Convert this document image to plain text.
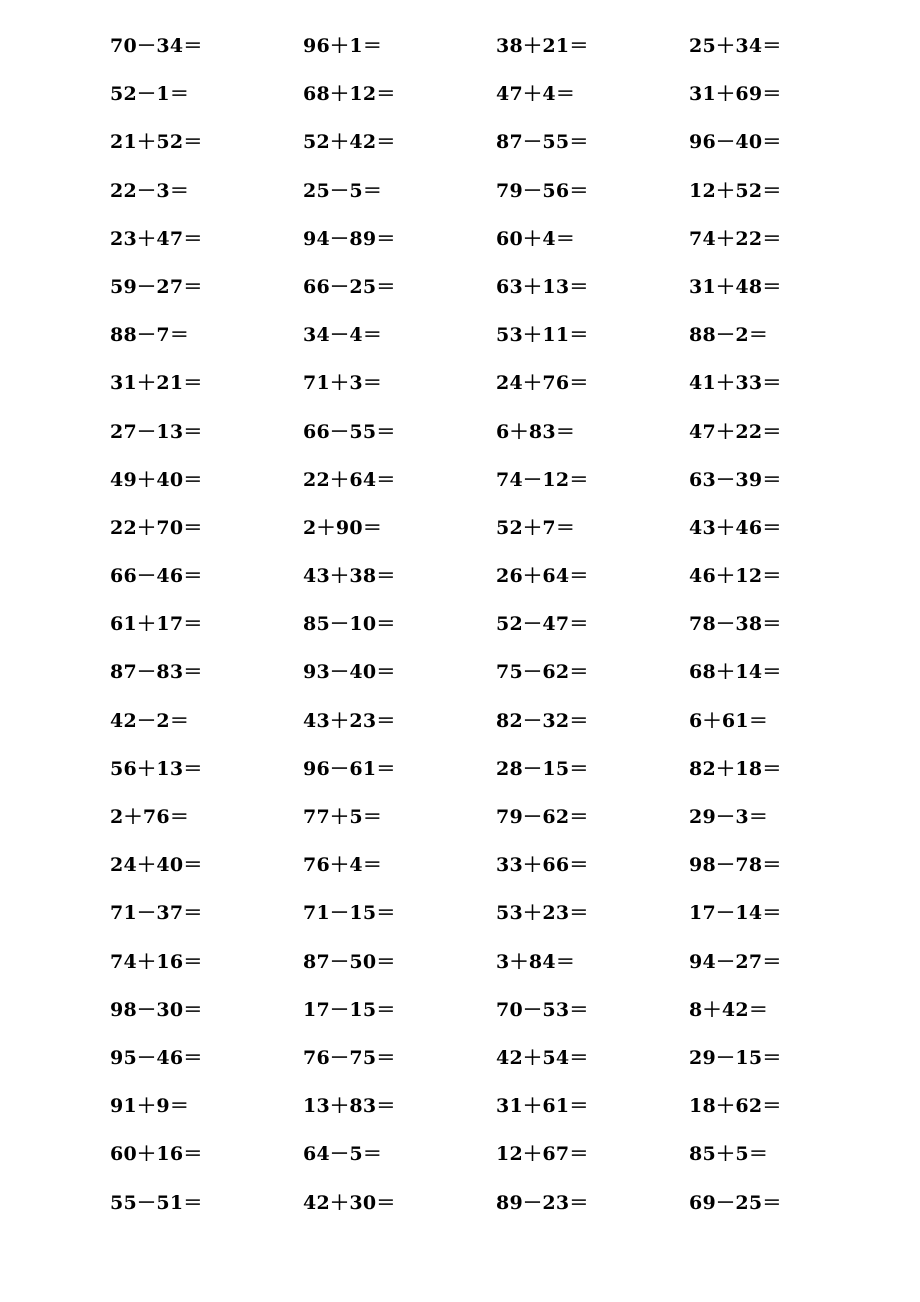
70－34＝	96＋1＝	38＋21＝	25＋34＝
52－1＝	68＋12＝	47＋4＝	31＋69＝
21＋52＝	52＋42＝	87－55＝	96－40＝
22－3＝	25－5＝	79－56＝	12＋52＝
23＋47＝	94－89＝	60＋4＝	74＋22＝
59－27＝	66－25＝	63＋13＝	31＋48＝
88－7＝	34－4＝	53＋11＝	88－2＝
31＋21＝	71＋3＝	24＋76＝	41＋33＝
27－13＝	66－55＝	6＋83＝	47＋22＝
49＋40＝	22＋64＝	74－12＝	63－39＝
22＋70＝	2＋90＝	52＋7＝	43＋46＝
66－46＝	43＋38＝	26＋64＝	46＋12＝
61＋17＝	85－10＝	52－47＝	78－38＝
87－83＝	93－40＝	75－62＝	68＋14＝
42－2＝	43＋23＝	82－32＝	6＋61＝
56＋13＝	96－61＝	28－15＝	82＋18＝
2＋76＝	77＋5＝	79－62＝	29－3＝
24＋40＝	76＋4＝	33＋66＝	98－78＝
71－37＝	71－15＝	53＋23＝	17－14＝
74＋16＝	87－50＝	3＋84＝	94－27＝
98－30＝	17－15＝	70－53＝	8＋42＝
95－46＝	76－75＝	42＋54＝	29－15＝
91＋9＝	13＋83＝	31＋61＝	18＋62＝
60＋16＝	64－5＝	12＋67＝	85＋5＝
55－51＝	42＋30＝	89－23＝	69－25＝
